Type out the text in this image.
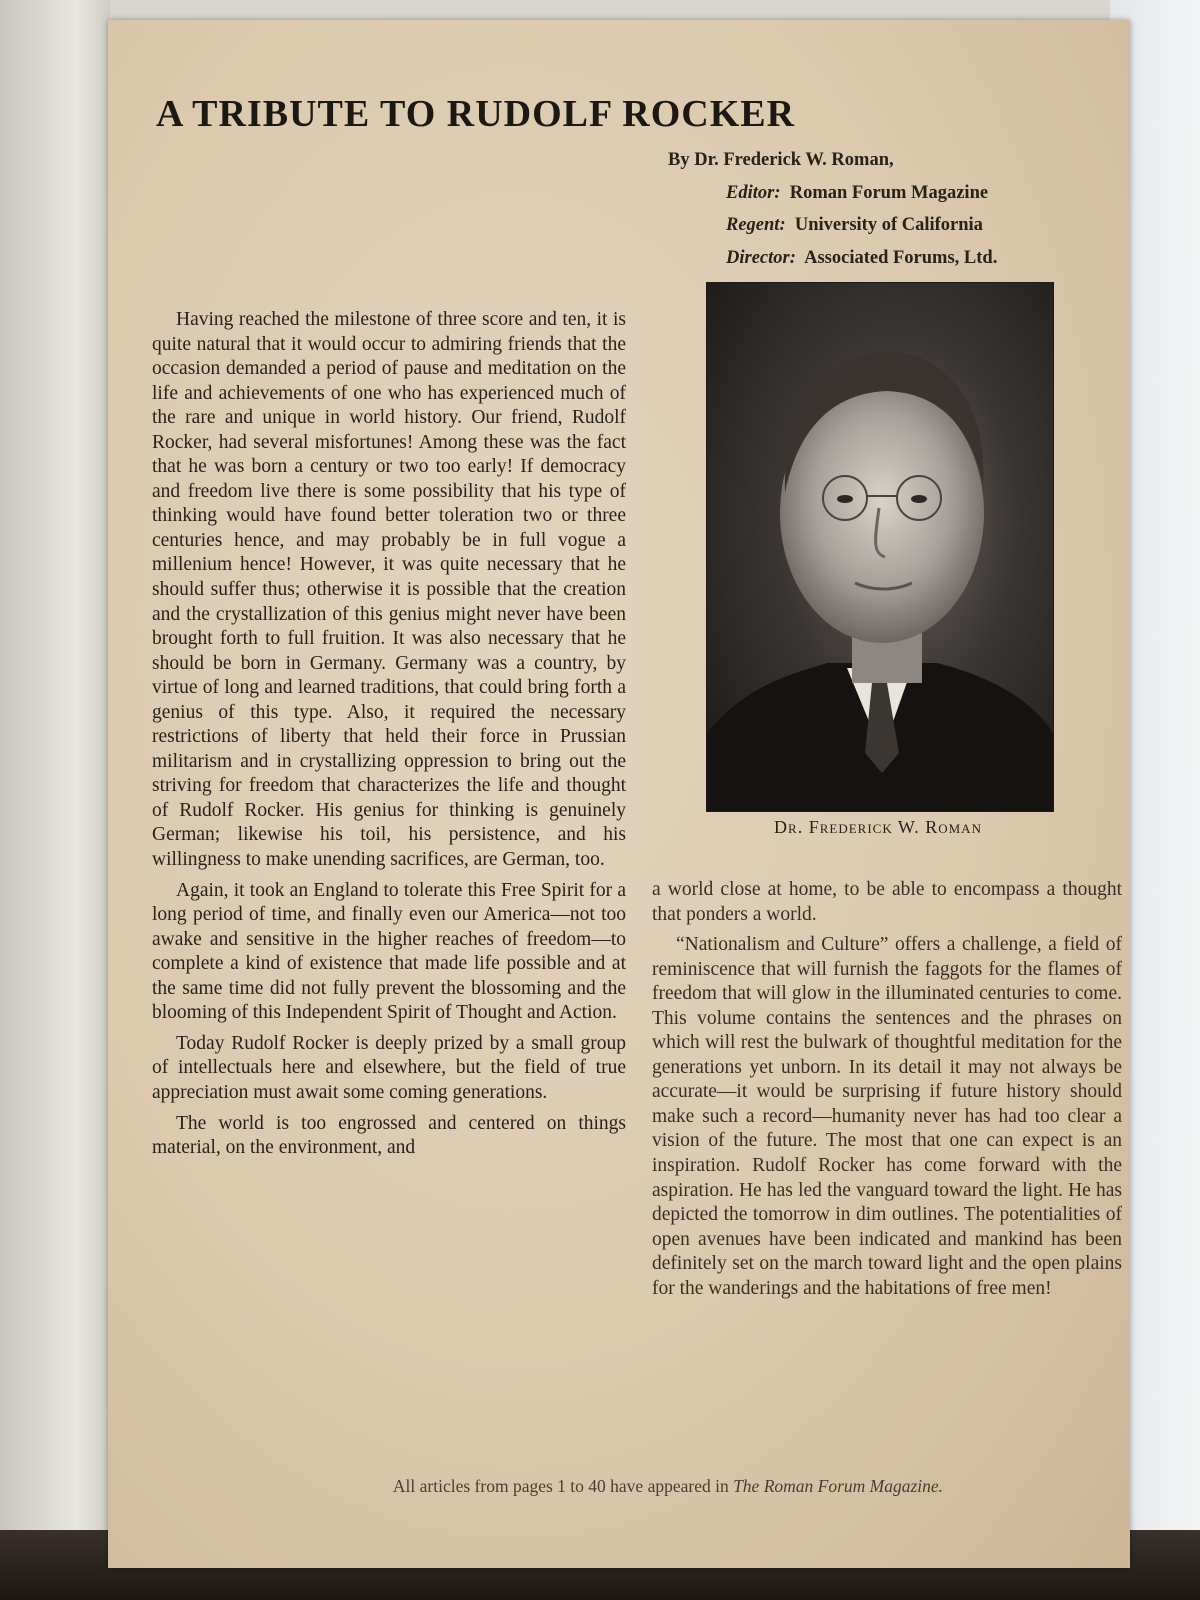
A TRIBUTE TO RUDOLF ROCKER
By Dr. Frederick W. Roman,
Editor: Roman Forum Magazine
Regent: University of California
Director: Associated Forums, Ltd.

Having reached the milestone of three score and ten, it is quite natural that it would occur to admiring friends that the occasion demanded a period of pause and meditation on the life and achievements of one who has experienced much of the rare and unique in world history. Our friend, Rudolf Rocker, had several misfortunes! Among these was the fact that he was born a century or two too early! If democracy and freedom live there is some possibility that his type of thinking would have found better toleration two or three centuries hence, and may probably be in full vogue a millenium hence! However, it was quite necessary that he should suffer thus; otherwise it is possible that the creation and the crystallization of this genius might never have been brought forth to full fruition. It was also necessary that he should be born in Germany. Germany was a country, by virtue of long and learned traditions, that could bring forth a genius of this type. Also, it required the necessary restrictions of liberty that held their force in Prussian militarism and in crystallizing oppression to bring out the striving for freedom that characterizes the life and thought of Rudolf Rocker. His genius for thinking is genuinely German; likewise his toil, his persistence, and his willingness to make unending sacrifices, are German, too.

Again, it took an England to tolerate this Free Spirit for a long period of time, and finally even our America—not too awake and sensitive in the higher reaches of freedom—to complete a kind of existence that made life possible and at the same time did not fully prevent the blossoming and the blooming of this Independent Spirit of Thought and Action.

Today Rudolf Rocker is deeply prized by a small group of intellectuals here and elsewhere, but the field of true appreciation must await some coming generations.

The world is too engrossed and centered on things material, on the environment, and

Dr. Frederick W. Roman

a world close at home, to be able to encompass a thought that ponders a world.

“Nationalism and Culture” offers a challenge, a field of reminiscence that will furnish the faggots for the flames of freedom that will glow in the illuminated centuries to come. This volume contains the sentences and the phrases on which will rest the bulwark of thoughtful meditation for the generations yet unborn. In its detail it may not always be accurate—it would be surprising if future history should make such a record—humanity never has had too clear a vision of the future. The most that one can expect is an inspiration. Rudolf Rocker has come forward with the aspiration. He has led the vanguard toward the light. He has depicted the tomorrow in dim outlines. The potentialities of open avenues have been indicated and mankind has been definitely set on the march toward light and the open plains for the wanderings and the habitations of free men!

All articles from pages 1 to 40 have appeared in The Roman Forum Magazine.
